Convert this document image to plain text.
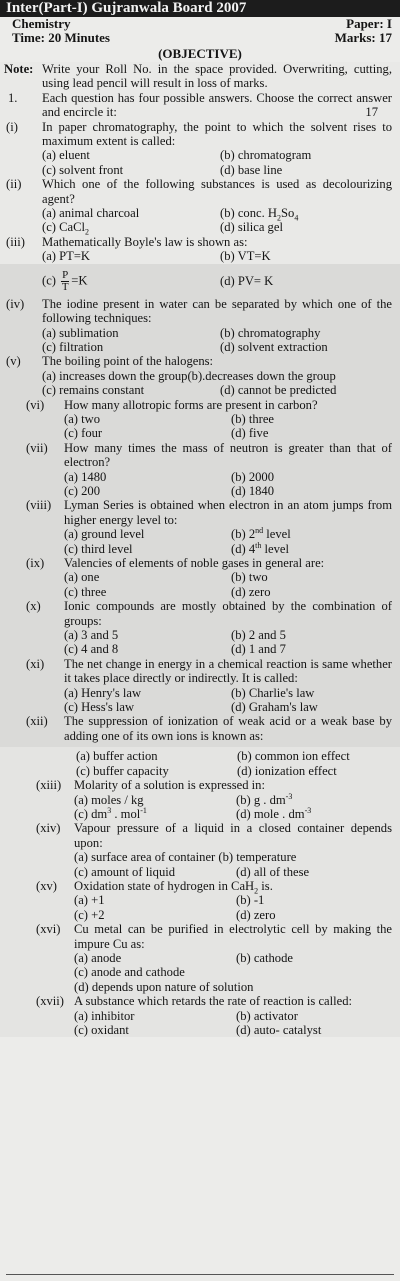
Inter(Part-I) Gujranwala Board 2007
Chemistry	Paper: I
Time: 20 Minutes	Marks: 17
(OBJECTIVE)
Note: Write your Roll No. in the space provided. Overwriting, cutting, using lead pencil will result in loss of marks.
1.	Each question has four possible answers. Choose the correct answer and encircle it:	17
(i)	In paper chromatography, the point to which the solvent rises to maximum extent is called:
(a) eluent	(b) chromatogram
(c) solvent front	(d) base line
(ii)	Which one of the following substances is used as decolourizing agent?
(a) animal charcoal	(b) conc. $H_2So_4$
(c) CaCl$_2$	(d) silica gel
(iii)	Mathematically Boyle's law is shown as:
(a) PT=K	(b) VT=K
$(c) \frac{P}{T} =K$	(d) PV= K
(iv)	The iodine present in water can be separated by which one of the following techniques:
(a) sublimation	(b) chromatography
(c) filtration	(d) solvent extraction
(v)	The boiling point of the halogens:
(a) increases down the group(b).decreases down the group
(c) remains constant	(d) cannot be predicted
(vi)	How many allotropic forms are present in carbon?
(a) two	(b) three
(c) four	(d) five
(vii)	How many times the mass of neutron is greater than that of electron?
(a) 1480	(b) 2000
(c) 200	(d) 1840
(viii)	Lyman Series is obtained when electron in an atom jumps from higher energy level to:
(a) ground level	(b) 2nd level
(c) third level	(d) 4th level
(ix)	Valencies of elements of noble gases in general are:
(a) one	(b) two
(c) three	(d) zero
(x)	Ionic compounds are mostly obtained by the combination of groups:
(a) 3 and 5	(b) 2 and 5
(c) 4 and 8	(d) 1 and 7
(xi)	The net change in energy in a chemical reaction is same whether it takes place directly or indirectly. It is called:
(a) Henry's law	(b) Charlie's law
(c) Hess's law	(d) Graham's law
(xii)	The suppression of ionization of weak acid or a weak base by adding one of its own ions is known as:
(a) buffer action	(b) common ion effect
(c) buffer capacity	(d) ionization effect
(xiii)	Molarity of a solution is expressed in:
(a) moles / kg	(b) g . $dm^{-3}$
(c) $dm^3$ . mol$^{-1}$	(d) mole . $dm^{-3}$
(xiv)	Vapour pressure of a liquid in a closed container depends upon:
(a) surface area of container (b) temperature
(c) amount of liquid	(d) all of these
(xv)	Oxidation state of hydrogen in CaH$_2$ is.
(a) +1	(b) -1
(c) +2	(d) zero
(xvi)	Cu metal can be purified in electrolytic cell by making the impure Cu as:
(a) anode	(b) cathode
(c) anode and cathode
(d) depends upon nature of solution
(xvii) A substance which retards the rate of reaction is called:
(a) inhibitor	(b) activator
(c) oxidant	(d) auto- catalyst
